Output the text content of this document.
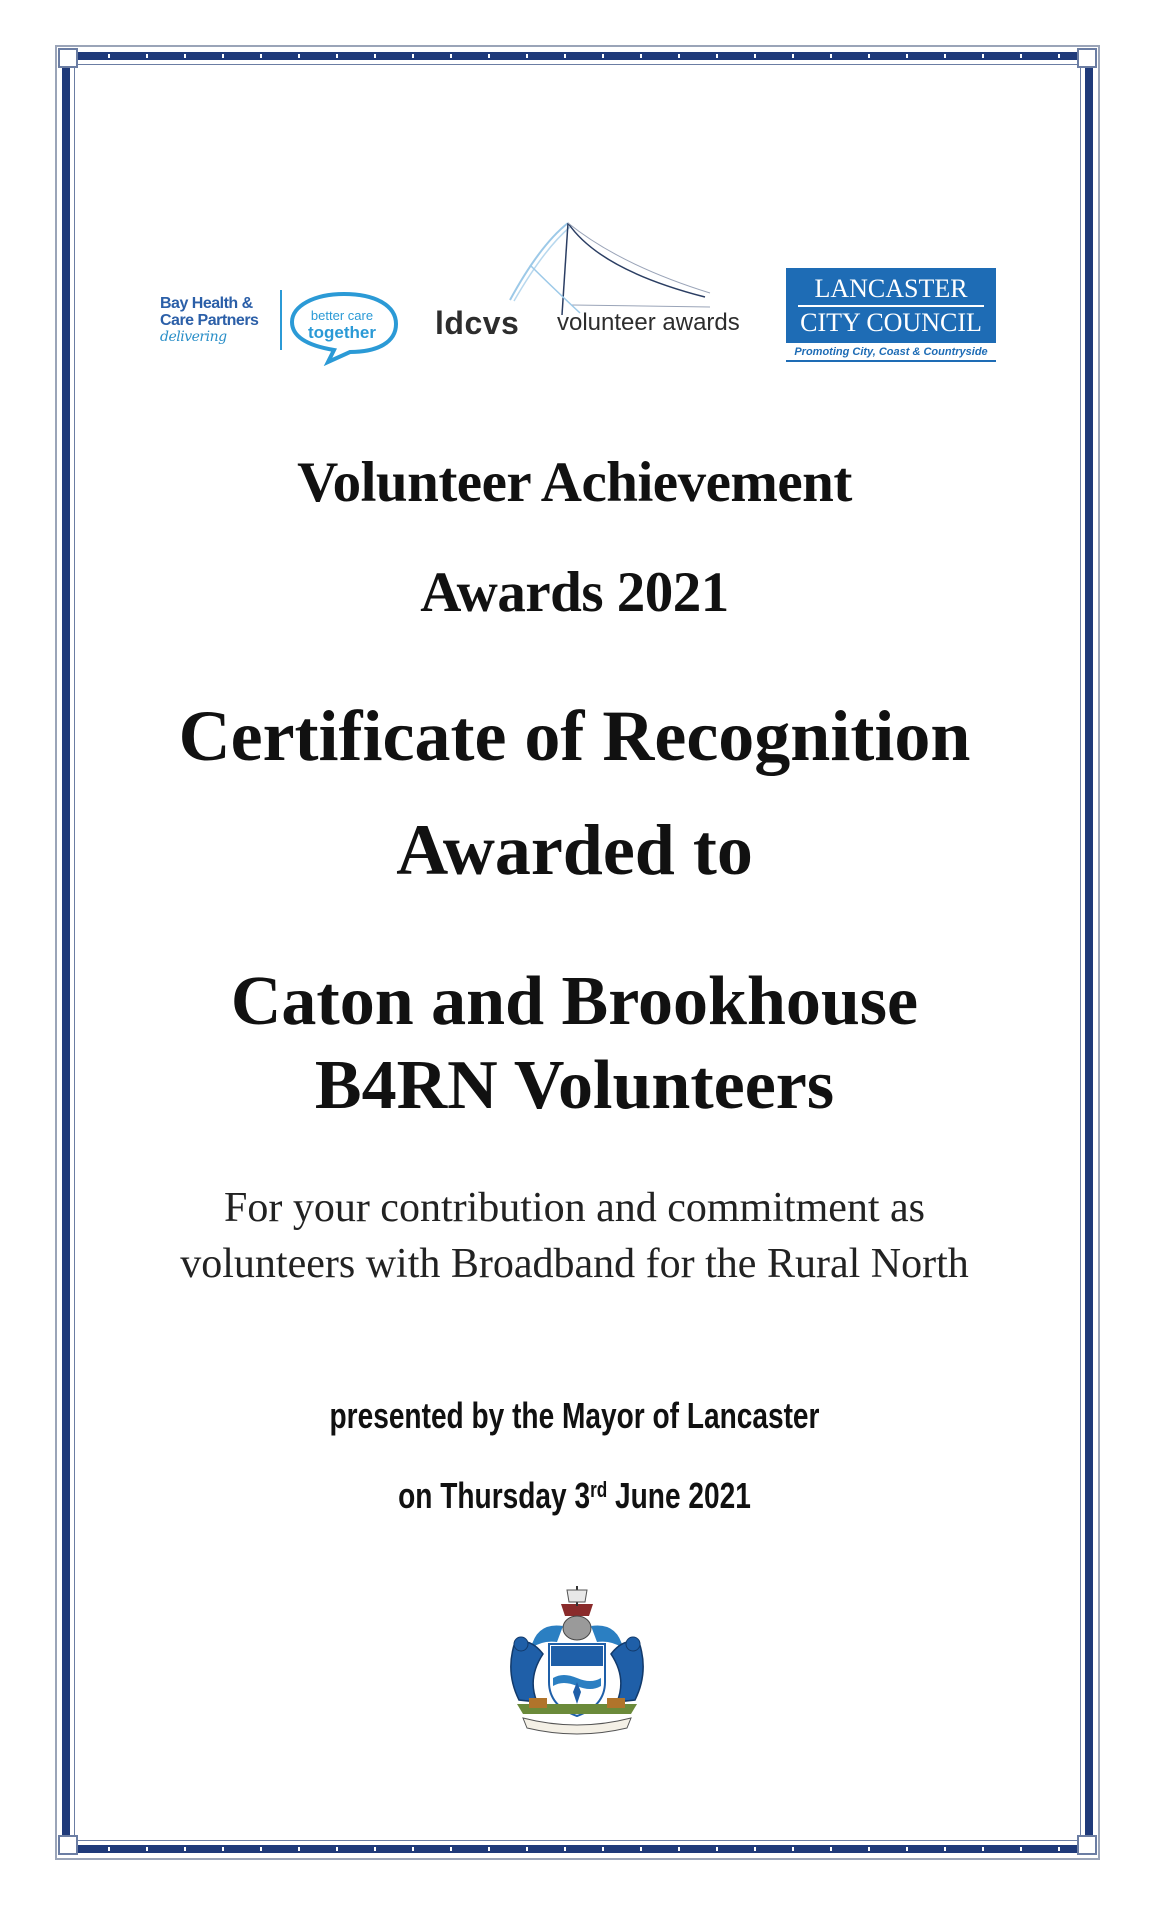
Bay Health &
Care Partners
delivering
better care
together ldcvs volunteer awards
LANCASTER
CITY COUNCIL
Promoting City, Coast & Countryside
Volunteer Achievement
Awards 2021
Certificate of Recognition
Awarded to
Caton and Brookhouse
B4RN Volunteers
For your contribution and commitment as volunteers with Broadband for the Rural North
presented by the Mayor of Lancaster
on Thursday 3rd June 2021
